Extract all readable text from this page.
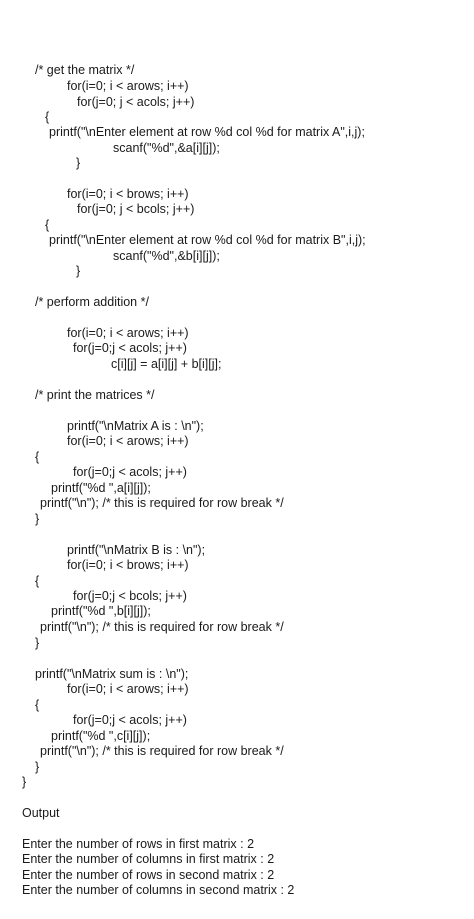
/* get the matrix */
for(i=0; i < arows; i++)
for(j=0; j < acols; j++)
{
printf("\nEnter element at row %d col %d for matrix A",i,j);
scanf("%d",&a[i][j]);
}
for(i=0; i < brows; i++)
for(j=0; j < bcols; j++)
{
printf("\nEnter element at row %d col %d for matrix B",i,j);
scanf("%d",&b[i][j]);
}
/* perform addition */
for(i=0; i < arows; i++)
for(j=0;j < acols; j++)
c[i][j] = a[i][j] + b[i][j];
/* print the matrices */
printf("\nMatrix A is : \n");
for(i=0; i < arows; i++)
{
for(j=0;j < acols; j++)
printf("%d ",a[i][j]);
printf("\n"); /* this is required for row break */
}
printf("\nMatrix B is : \n");
for(i=0; i < brows; i++)
{
for(j=0;j < bcols; j++)
printf("%d ",b[i][j]);
printf("\n"); /* this is required for row break */
}
printf("\nMatrix sum is : \n");
for(i=0; i < arows; i++)
{
for(j=0;j < acols; j++)
printf("%d ",c[i][j]);
printf("\n"); /* this is required for row break */
}
}
Output
Enter the number of rows in first matrix : 2
Enter the number of columns in first matrix : 2
Enter the number of rows in second matrix : 2
Enter the number of columns in second matrix : 2
